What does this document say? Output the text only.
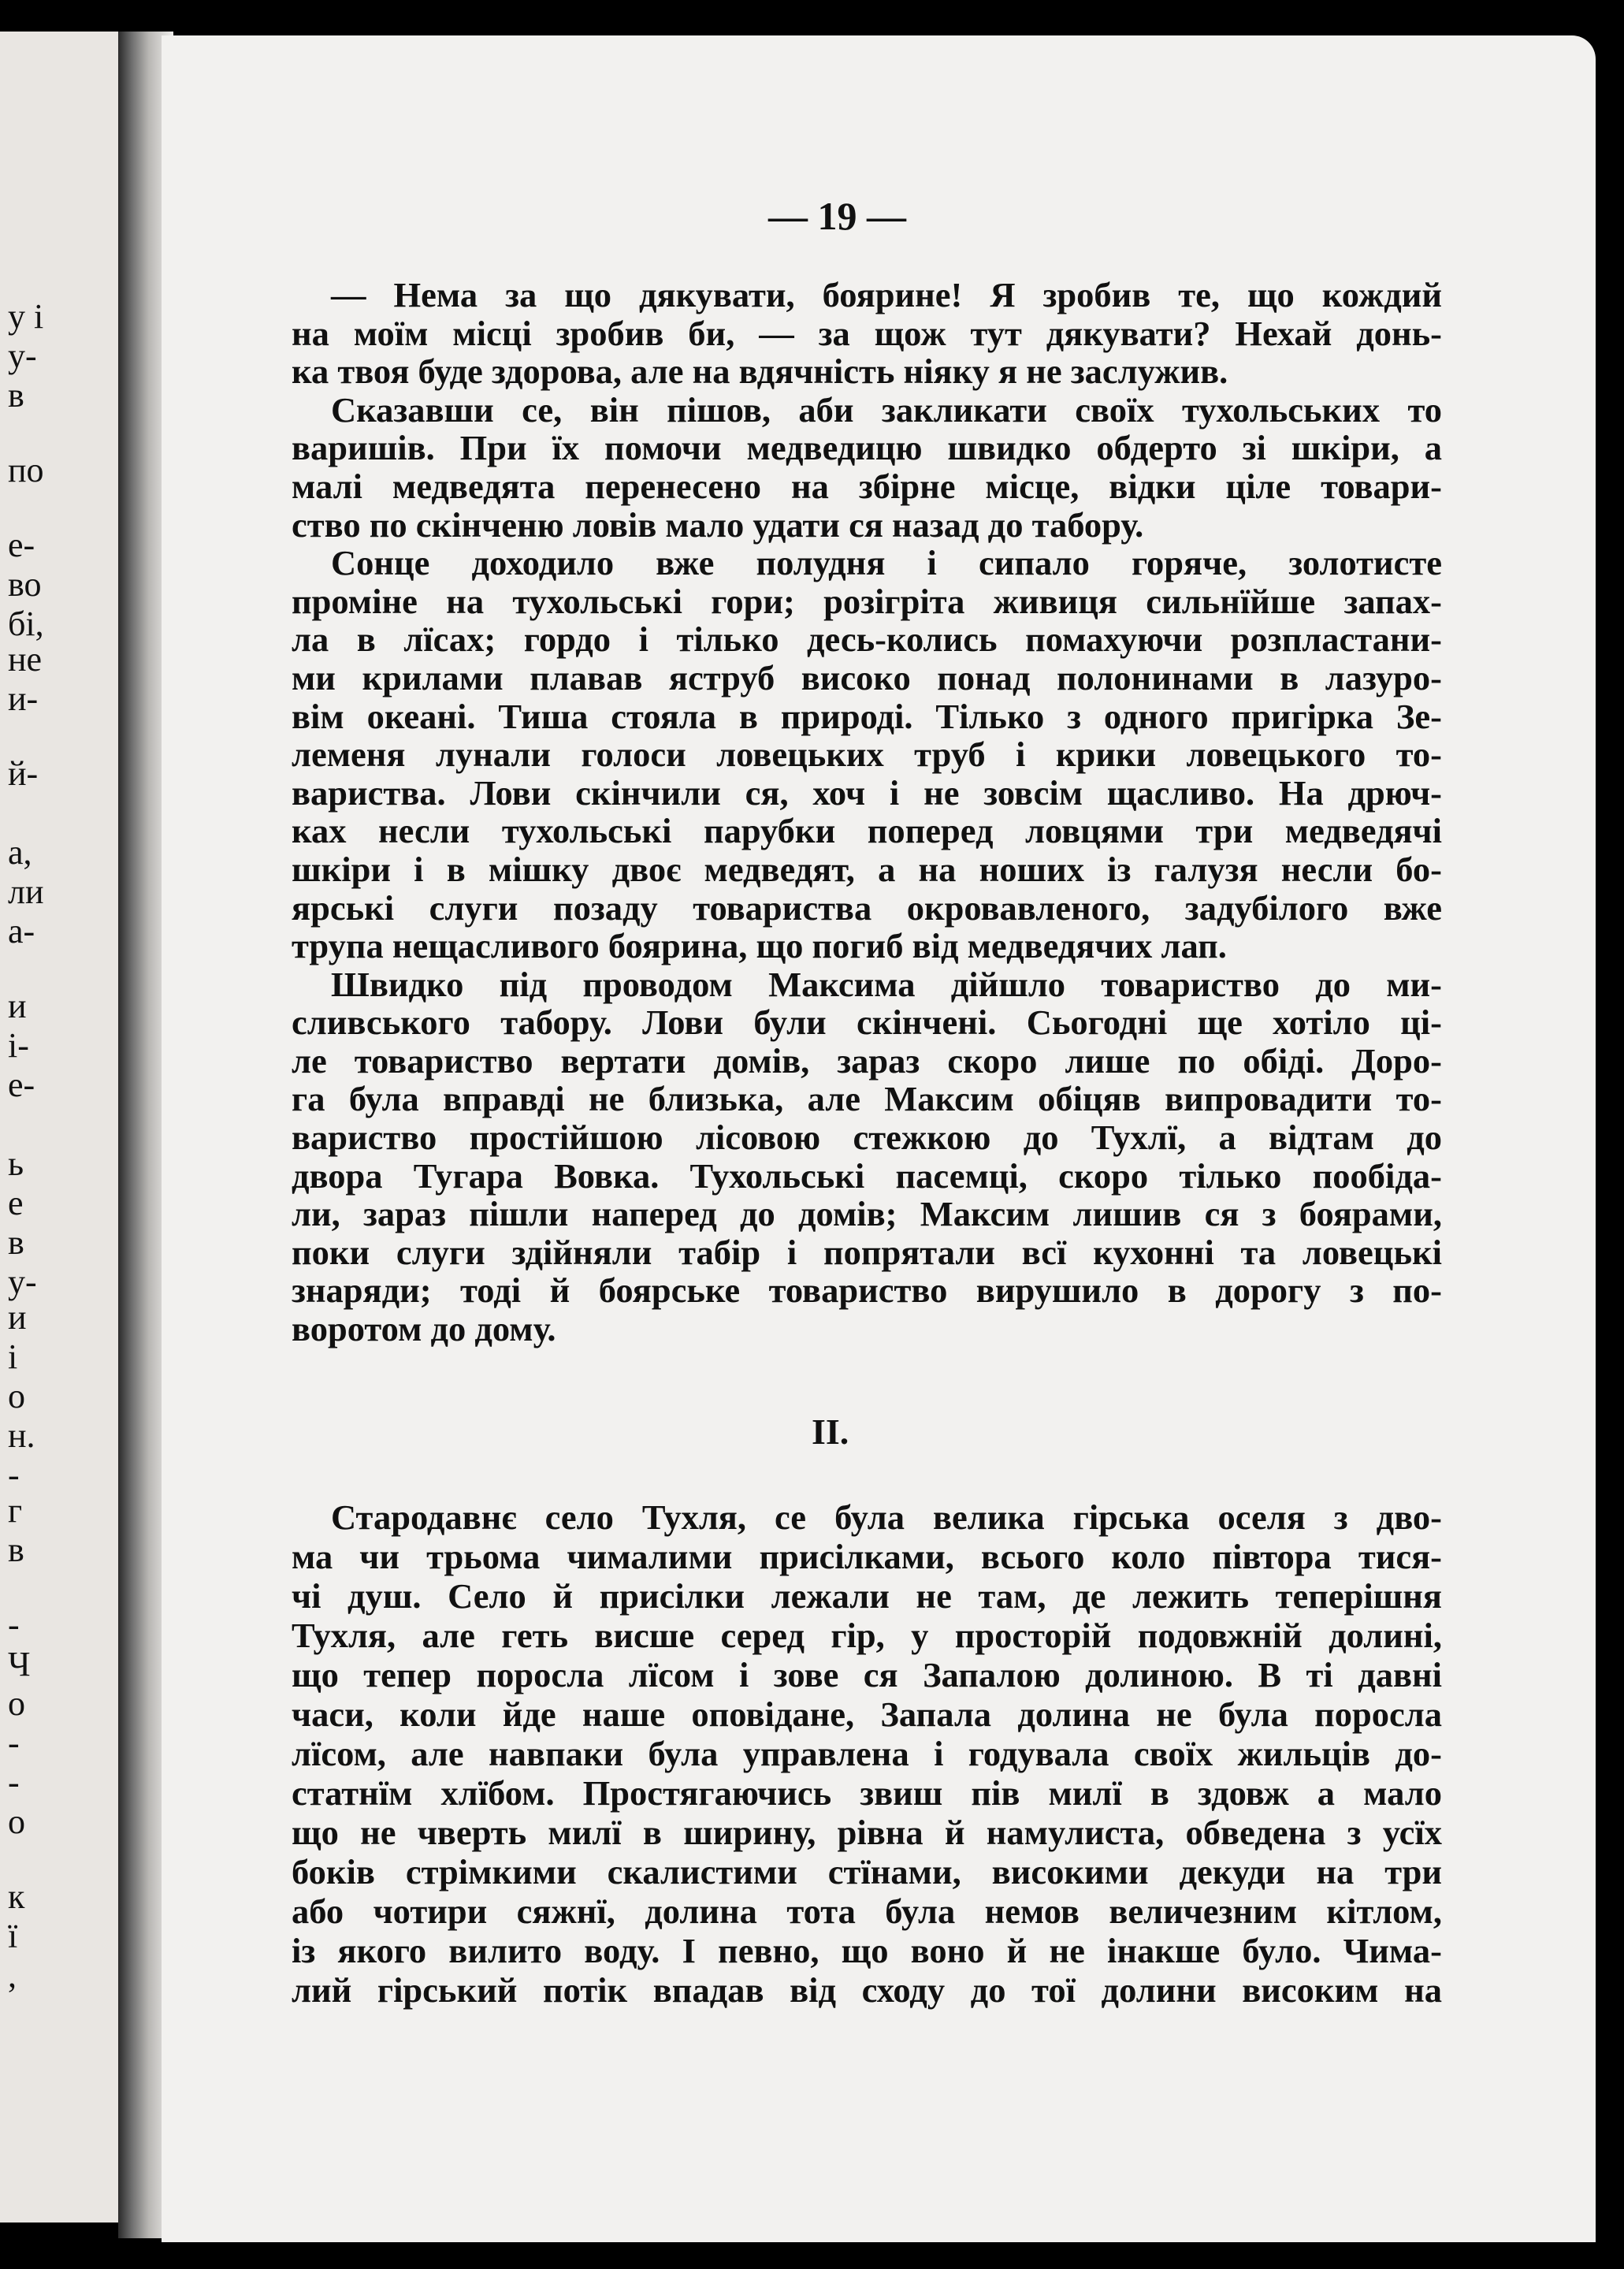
у і
у-
в
по
е-
во
бі,
не
и-
й-
а,
ли
а-
и
і-
е-
ь
е
в
у-
и
і
о
н.
-
г
в
-
Ч
о
-
-
о
к
ї
,
— 19 —

— Нема за що дякувати, боярине! Я зробив те, що кождий

на моїм місці зробив би, — за щож тут дякувати? Нехай донь-

ка твоя буде здорова, але на вдячність ніяку я не заслужив.

Сказавши се, він пішов, аби закликати своїх тухольських то

варишів. При їх помочи медведицю швидко обдерто зі шкіри, а

малі медведята перенесено на збірне місце, відки ціле товари-

ство по скінченю ловів мало удати ся назад до табору.

Сонце доходило вже полудня і сипало горяче, золотисте

проміне на тухольські гори; розігріта живиця сильнїйше запах-

ла в лїсах; гордо і тілько десь-колись помахуючи розпластани-

ми крилами плавав яструб високо понад полонинами в лазуро-

вім океані. Тиша стояла в природі. Тілько з одного пригірка Зе-

леменя лунали голоси ловецьких труб і крики ловецького то-

вариства. Лови скінчили ся, хоч і не зовсім щасливо. На дрюч-

ках несли тухольські парубки поперед ловцями три медведячі

шкіри і в мішку двоє медведят, а на ноших із галузя несли бо-

ярські слуги позаду товариства окровавленого, задубілого вже

трупа нещасливого боярина, що погиб від медведячих лап.

Швидко під проводом Максима дійшло товариство до ми-

сливського табору. Лови були скінчені. Сьогодні ще хотіло ці-

ле товариство вертати домів, зараз скоро лише по обіді. Доро-

га була вправді не близька, але Максим обіцяв випровадити то-

вариство простійшою лісовою стежкою до Тухлї, а відтам до

двора Тугара Вовка. Тухольські пасемці, скоро тілько пообіда-

ли, зараз пішли наперед до домів; Максим лишив ся з боярами,

поки слуги здійняли табір і попрятали всї кухонні та ловецькі

знаряди; тоді й боярське товариство вирушило в дорогу з по-

воротом до дому.

II.

Стародавнє село Тухля, се була велика гірська оселя з дво-

ма чи трьома чималими присілками, всього коло півтора тися-

чі душ. Село й присілки лежали не там, де лежить теперішня

Тухля, але геть висше серед гір, у просторій подовжній долині,

що тепер поросла лїсом і зове ся Запалою долиною. В ті давні

часи, коли йде наше оповідане, Запала долина не була поросла

лїсом, але навпаки була управлена і годувала своїх жильців до-

статнїм хлїбом. Простягаючись звиш пів милї в здовж а мало

що не чверть милї в ширину, рівна й намулиста, обведена з усїх

боків стрімкими скалистими стїнами, високими декуди на три

або чотири сяжнї, долина тота була немов величезним кітлом,

із якого вилито воду. І певно, що воно й не інакше було. Чима-

лий гірський потік впадав від сходу до тої долини високим на
